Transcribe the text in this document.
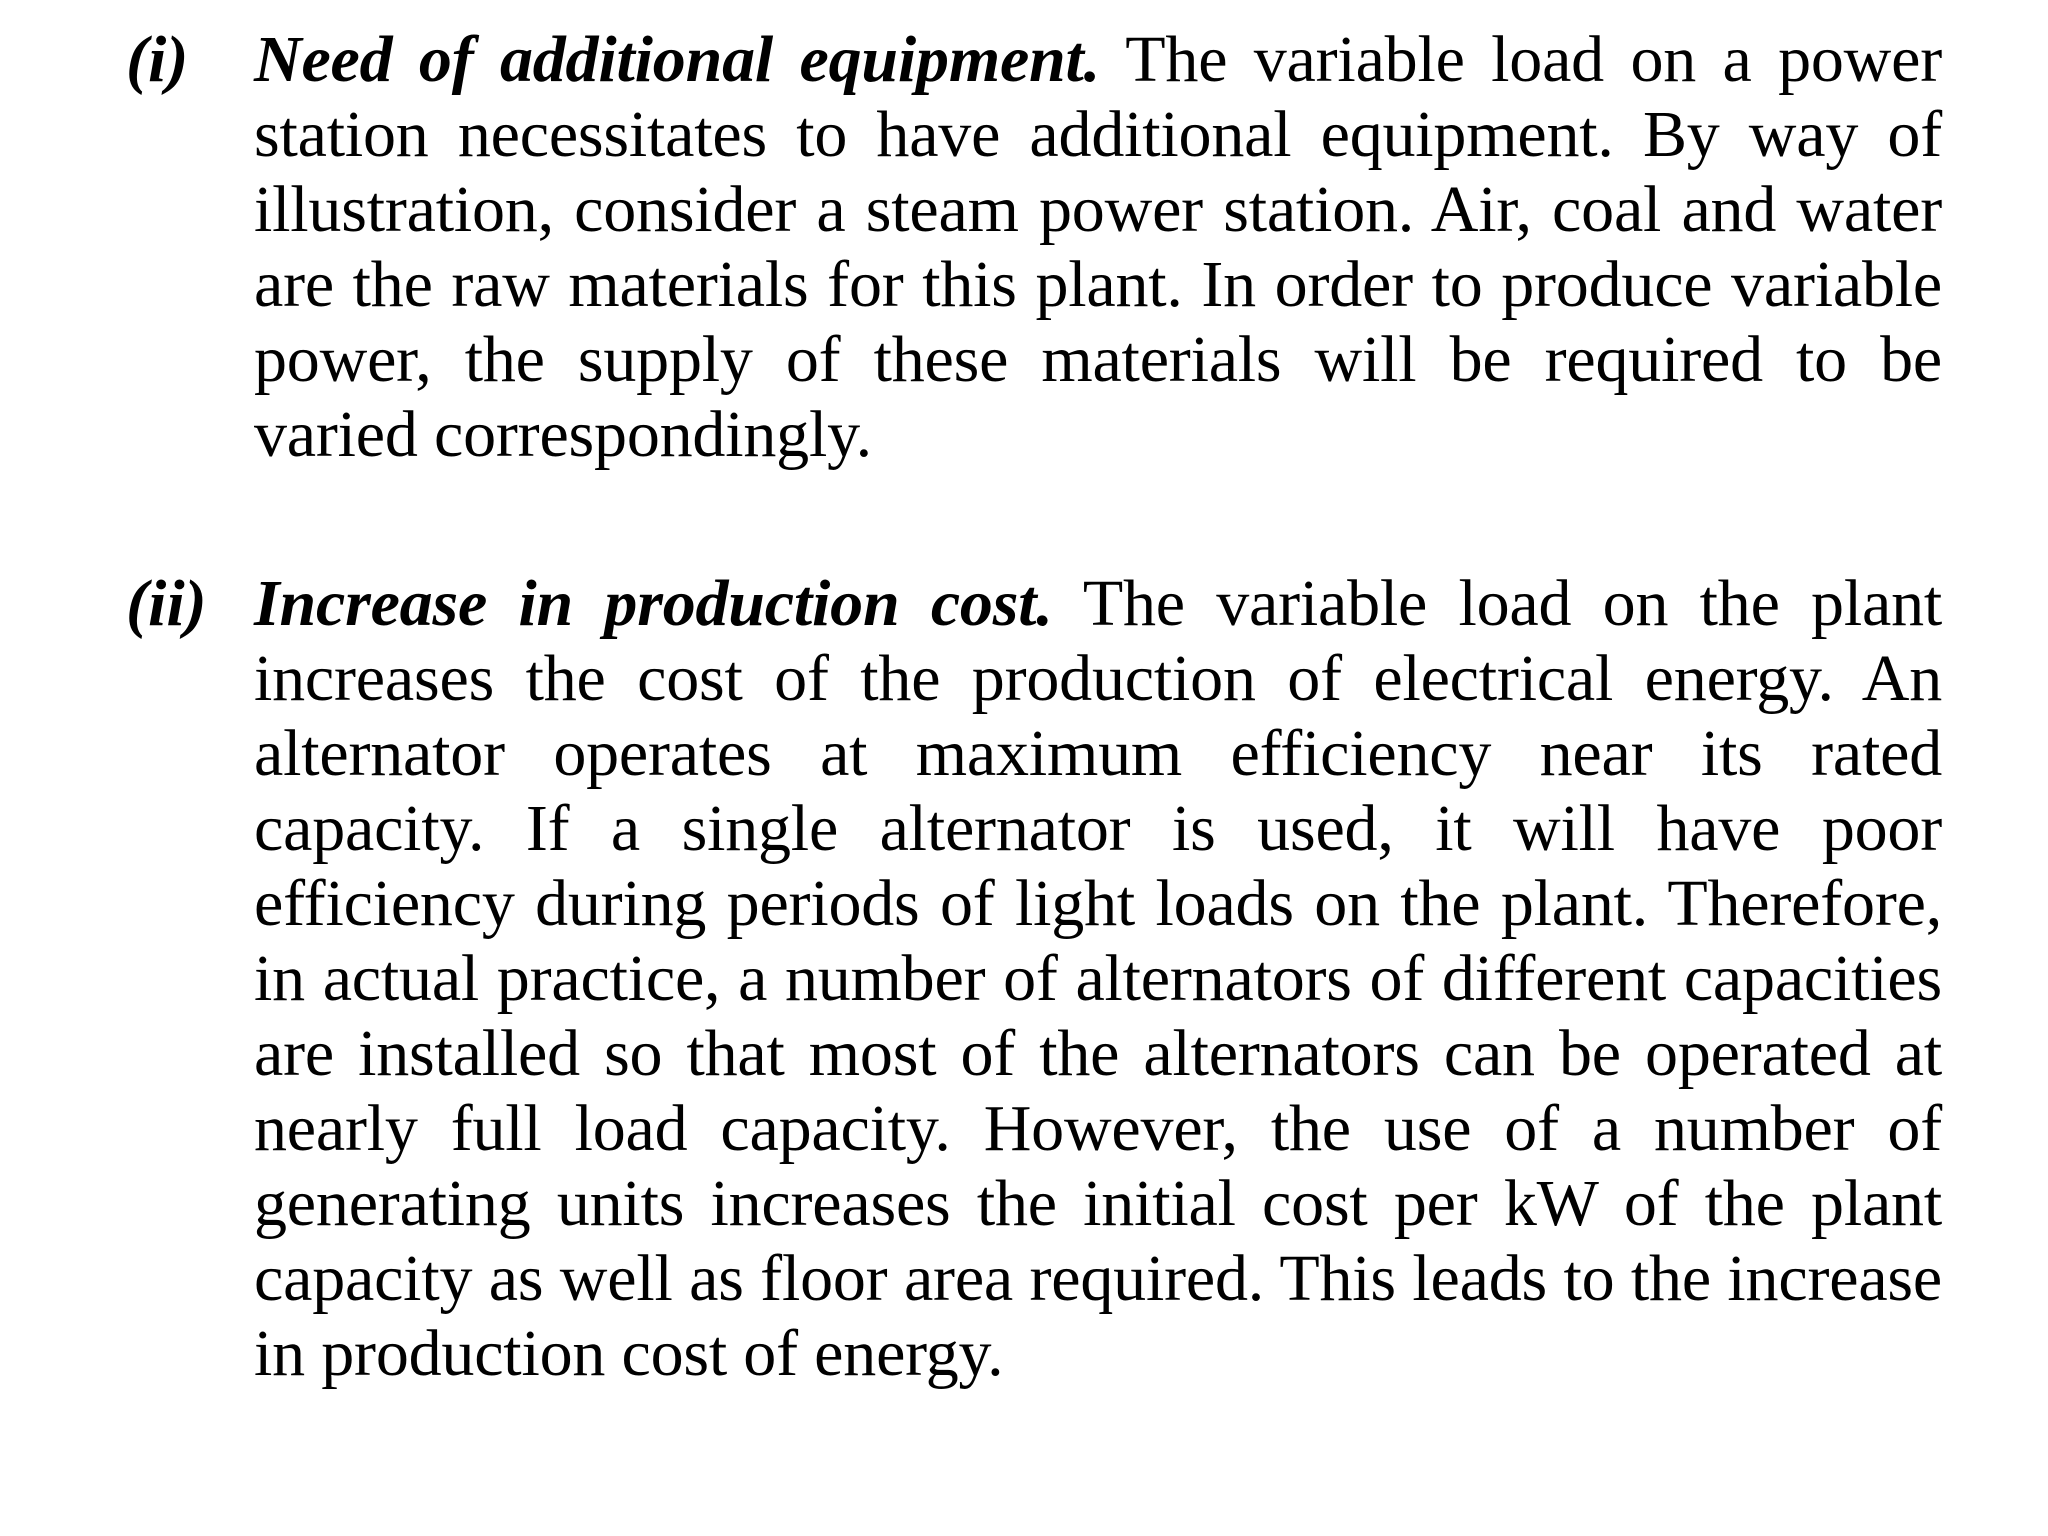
(i) Need of additional equipment. The variable load on a power station necessitates to have additional equipment. By way of illustration, consider a steam power station. Air, coal and water are the raw materials for this plant. In order to produce variable power, the supply of these materials will be required to be varied correspondingly.

(ii) Increase in production cost. The variable load on the plant increases the cost of the production of electrical energy. An alternator operates at maximum efficiency near its rated capacity. If a single alternator is used, it will have poor efficiency during periods of light loads on the plant. Therefore, in actual practice, a number of alternators of different capacities are installed so that most of the alternators can be operated at nearly full load capacity. However, the use of a number of generating units increases the initial cost per kW of the plant capacity as well as floor area required. This leads to the increase in production cost of energy.
